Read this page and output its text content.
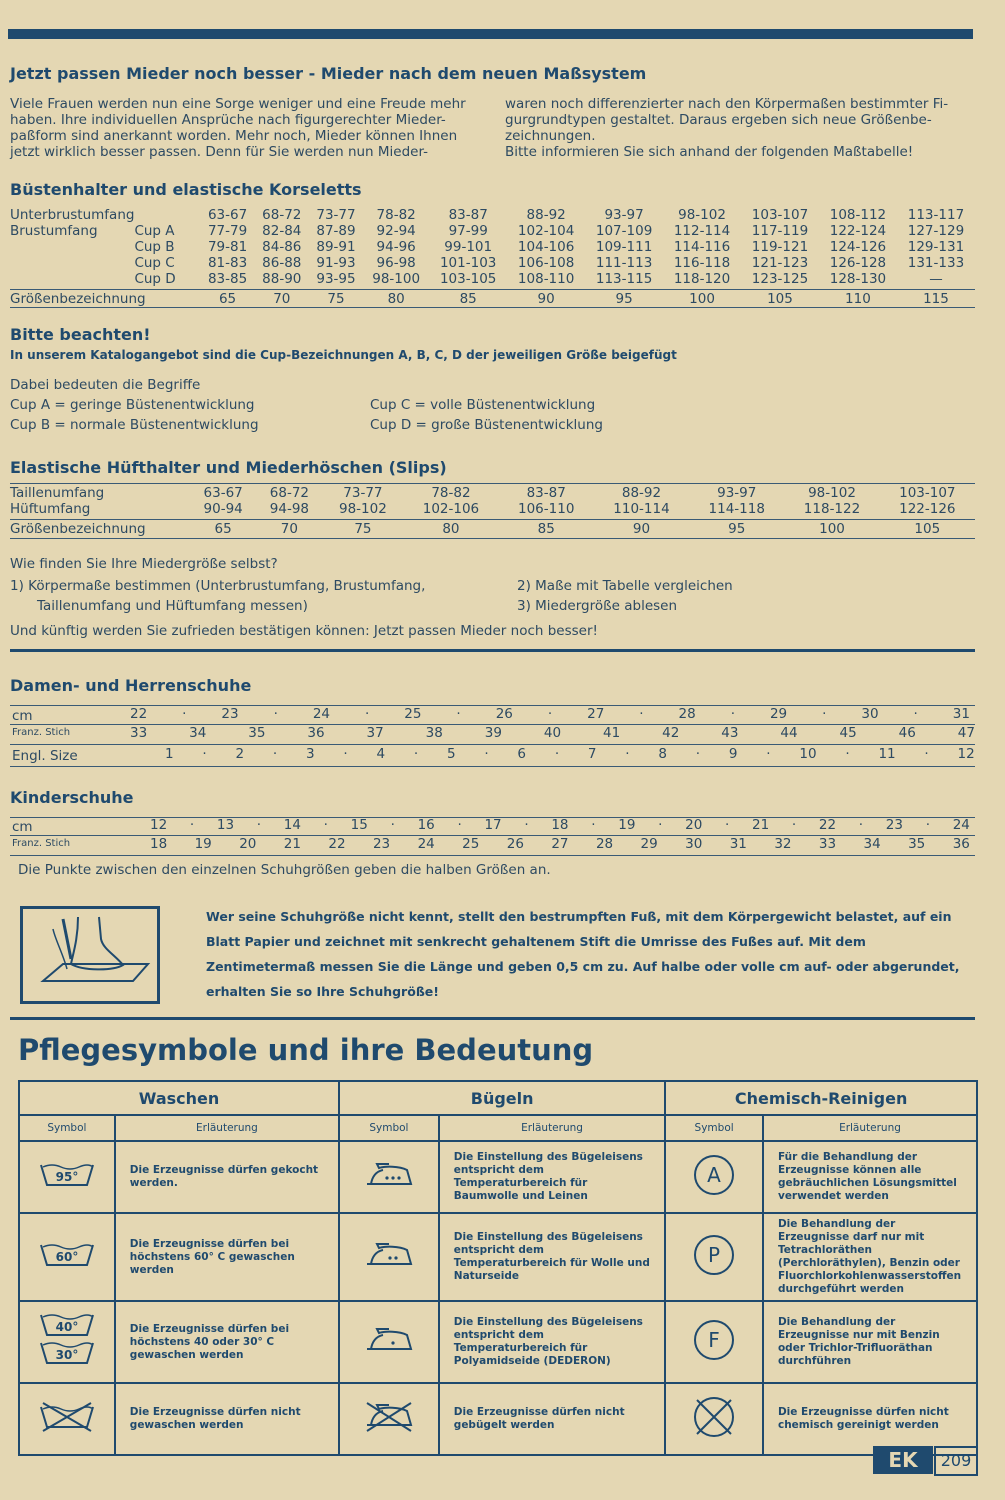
Jetzt passen Mieder noch besser - Mieder nach dem neuen Maßsystem
Viele Frauen werden nun eine Sorge weniger und eine Freude mehr
haben. Ihre individuellen Ansprüche nach figurgerechter Mieder-
paßform sind anerkannt worden. Mehr noch, Mieder können Ihnen
jetzt wirklich besser passen. Denn für Sie werden nun Mieder-
waren noch differenzierter nach den Körpermaßen bestimmter Fi-
gurgrundtypen gestaltet. Daraus ergeben sich neue Größenbe-
zeichnungen.
Bitte informieren Sie sich anhand der folgenden Maßtabelle!
Büstenhalter und elastische Korseletts
Unterbrustumfang		63-67	68-72	73-77	78-82	83-87	88-92	93-97	98-102	103-107	108-112	113-117
Brustumfang	Cup A	77-79	82-84	87-89	92-94	97-99	102-104	107-109	112-114	117-119	122-124	127-129
	Cup B	79-81	84-86	89-91	94-96	99-101	104-106	109-111	114-116	119-121	124-126	129-131
	Cup C	81-83	86-88	91-93	96-98	101-103	106-108	111-113	116-118	121-123	126-128	131-133
	Cup D	83-85	88-90	93-95	98-100	103-105	108-110	113-115	118-120	123-125	128-130	—
Größenbezeichnung		65	70	75	80	85	90	95	100	105	110	115
Bitte beachten!
In unserem Katalogangebot sind die Cup-Bezeichnungen A, B, C, D der jeweiligen Größe beigefügt
Dabei bedeuten die Begriffe
Cup A = geringe Büstenentwicklung
Cup B = normale Büstenentwicklung
Cup C = volle Büstenentwicklung
Cup D = große Büstenentwicklung
Elastische Hüfthalter und Miederhöschen (Slips)
Taillenumfang	63-67	68-72	73-77	78-82	83-87	88-92	93-97	98-102	103-107
Hüftumfang	90-94	94-98	98-102	102-106	106-110	110-114	114-118	118-122	122-126
Größenbezeichnung	65	70	75	80	85	90	95	100	105
Wie finden Sie Ihre Miedergröße selbst?
1) Körpermaße bestimmen (Unterbrustumfang, Brustumfang,
Taillenumfang und Hüftumfang messen)
2) Maße mit Tabelle vergleichen
3) Miedergröße ablesen
Und künftig werden Sie zufrieden bestätigen können: Jetzt passen Mieder noch besser!
Damen- und Herrenschuhe
cm	22	·	23	·	24	·	25	·	26	·	27	·	28	·	29	·	30	·	31
Franz. Stich	33	34	35	36	37	38	39	40	41	42	43	44	45	46	47
Engl. Size	1 · 2 · 3 · 4 · 5 · 6 · 7 · 8 · 9 · 10 · 11 · 12
Kinderschuhe
cm	12 · 13 · 14 · 15 · 16 · 17 · 18 · 19 · 20 · 21 · 22 · 23 · 24
Franz. Stich	18 19 20 21 22 23 24 25 26 27 28 29 30 31 32 33 34 35 36
Die Punkte zwischen den einzelnen Schuhgrößen geben die halben Größen an.
Wer seine Schuhgröße nicht kennt, stellt den bestrumpften Fuß, mit dem Körpergewicht belastet, auf ein Blatt Papier und zeichnet mit senkrecht gehaltenem Stift die Umrisse des Fußes auf. Mit dem Zentimetermaß messen Sie die Länge und geben 0,5 cm zu. Auf halbe oder volle cm auf- oder abgerundet, erhalten Sie so Ihre Schuhgröße!
Pflegesymbole und ihre Bedeutung
Waschen		Bügeln		Chemisch-Reinigen	
Symbol	Erläuterung	Symbol	Erläuterung	Symbol	Erläuterung

95°	Die Erzeugnisse dürfen gekocht werden.		Die Einstellung des Bügeleisens entspricht dem Temperaturbereich für Baumwolle und Leinen	A	Für die Behandlung der Erzeugnisse können alle gebräuchlichen Lösungsmittel verwendet werden

60°	Die Erzeugnisse dürfen bei höchstens 60° C gewaschen werden		Die Einstellung des Bügeleisens entspricht dem Temperaturbereich für Wolle und Naturseide	P	Die Behandlung der Erzeugnisse darf nur mit Tetrachloräthen (Perchloräthylen), Benzin oder Fluorchlorkohlenwasserstoffen durchgeführt werden

40°
30°	Die Erzeugnisse dürfen bei höchstens 40 oder 30° C gewaschen werden		Die Einstellung des Bügeleisens entspricht dem Temperaturbereich für Polyamidseide (DEDERON)	F	Die Behandlung der Erzeugnisse nur mit Benzin oder Trichlor-Trifluoräthan durchführen
	Die Erzeugnisse dürfen nicht gewaschen werden		Die Erzeugnisse dürfen nicht gebügelt werden		Die Erzeugnisse dürfen nicht chemisch gereinigt werden
EK	209
